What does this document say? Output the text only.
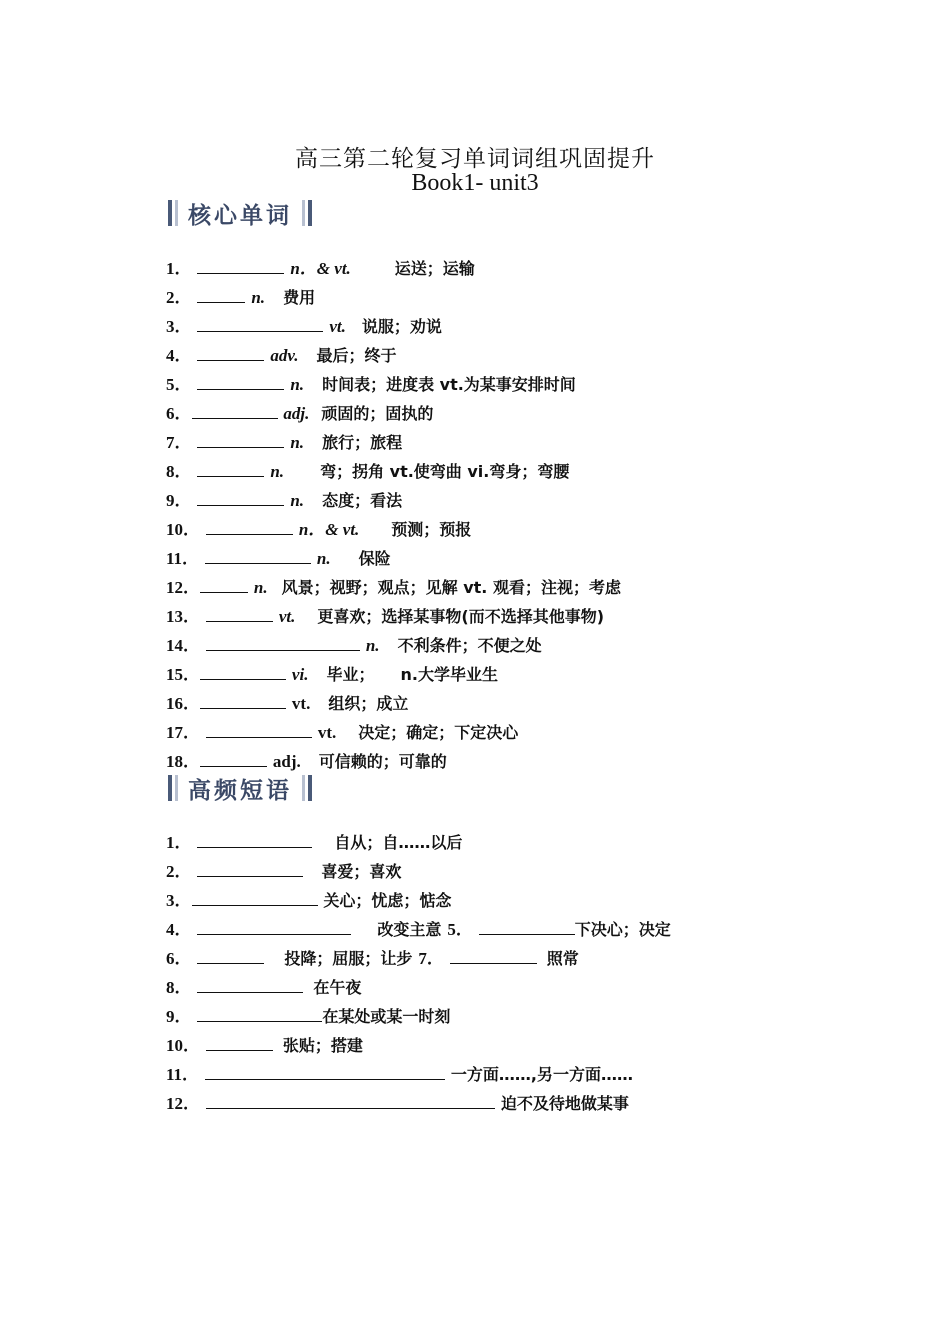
高三第二轮复习单词词组巩固提升
Book1- unit3
核心单词
1．	n．& vt.	运送；运输
2．	n. 费用
3．	vt. 说服；劝说
4．	adv. 最后；终于
5．	n. 时间表；进度表 vt.为某事安排时间
6．	adj. 顽固的；固执的
7．	n. 旅行；旅程
8．	n. 弯；拐角 vt.使弯曲 vi.弯身；弯腰
9．	n. 态度；看法
10．	n．& vt. 预测；预报
11．	n. 保险
12．	n. 风景；视野；观点；见解 vt. 观看；注视；考虑
13．	vt. 更喜欢；选择某事物(而不选择其他事物)
14．	n. 不利条件；不便之处
15．	vi. 毕业； n.大学毕业生
16．	vt. 组织；成立
17．	vt. 决定；确定；下定决心
18．	adj. 可信赖的；可靠的
高频短语
1．	自从；自……以后
2．	喜爱；喜欢
3．	关心；忧虑；惦念
4．	改变主意 5．	下决心；决定
6．	投降；屈服；让步 7．	照常
8．	在午夜
9．	在某处或某一时刻
10．	张贴；搭建
11．	一方面……,另一方面……
12．	迫不及待地做某事
